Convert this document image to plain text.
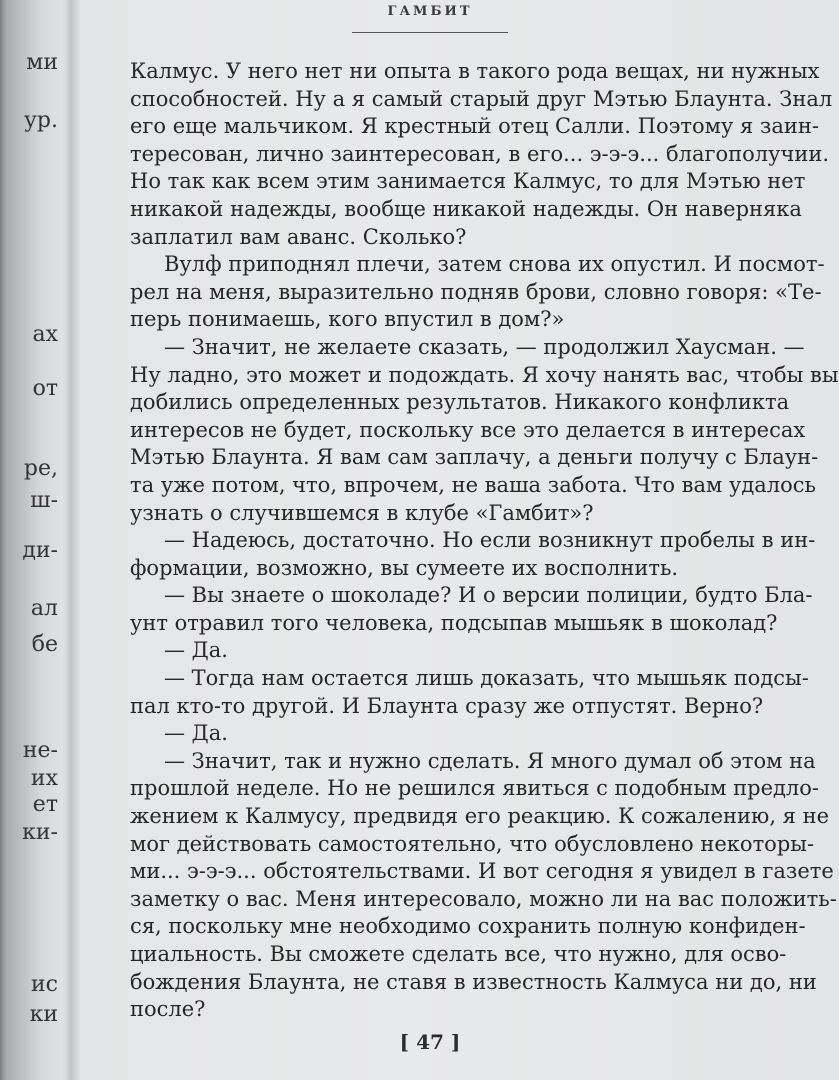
ми
ур.
ах
от
ре,
ш-
ди-
ал
бе
не-
их
ет
ки-
ис
ки
ГАМБИТ
Калмус. У него нет ни опыта в такого рода вещах, ни нужных
способностей. Ну а я самый старый друг Мэтью Блаунта. Знал
его еще мальчиком. Я крестный отец Салли. Поэтому я заин-
тересован, лично заинтересован, в его... э-э-э... благополучии.
Но так как всем этим занимается Калмус, то для Мэтью нет
никакой надежды, вообще никакой надежды. Он наверняка
заплатил вам аванс. Сколько?
Вулф приподнял плечи, затем снова их опустил. И посмот-
рел на меня, выразительно подняв брови, словно говоря: «Те-
перь понимаешь, кого впустил в дом?»
— Значит, не желаете сказать, — продолжил Хаусман. —
Ну ладно, это может и подождать. Я хочу нанять вас, чтобы вы
добились определенных результатов. Никакого конфликта
интересов не будет, поскольку все это делается в интересах
Мэтью Блаунта. Я вам сам заплачу, а деньги получу с Блаун-
та уже потом, что, впрочем, не ваша забота. Что вам удалось
узнать о случившемся в клубе «Гамбит»?
— Надеюсь, достаточно. Но если возникнут пробелы в ин-
формации, возможно, вы сумеете их восполнить.
— Вы знаете о шоколаде? И о версии полиции, будто Бла-
унт отравил того человека, подсыпав мышьяк в шоколад?
— Да.
— Тогда нам остается лишь доказать, что мышьяк подсы-
пал кто-то другой. И Блаунта сразу же отпустят. Верно?
— Да.
— Значит, так и нужно сделать. Я много думал об этом на
прошлой неделе. Но не решился явиться с подобным предло-
жением к Калмусу, предвидя его реакцию. К сожалению, я не
мог действовать самостоятельно, что обусловлено некоторы-
ми... э-э-э... обстоятельствами. И вот сегодня я увидел в газете
заметку о вас. Меня интересовало, можно ли на вас положить-
ся, поскольку мне необходимо сохранить полную конфиден-
циальность. Вы сможете сделать все, что нужно, для осво-
бождения Блаунта, не ставя в известность Калмуса ни до, ни
после?
[ 47 ]
